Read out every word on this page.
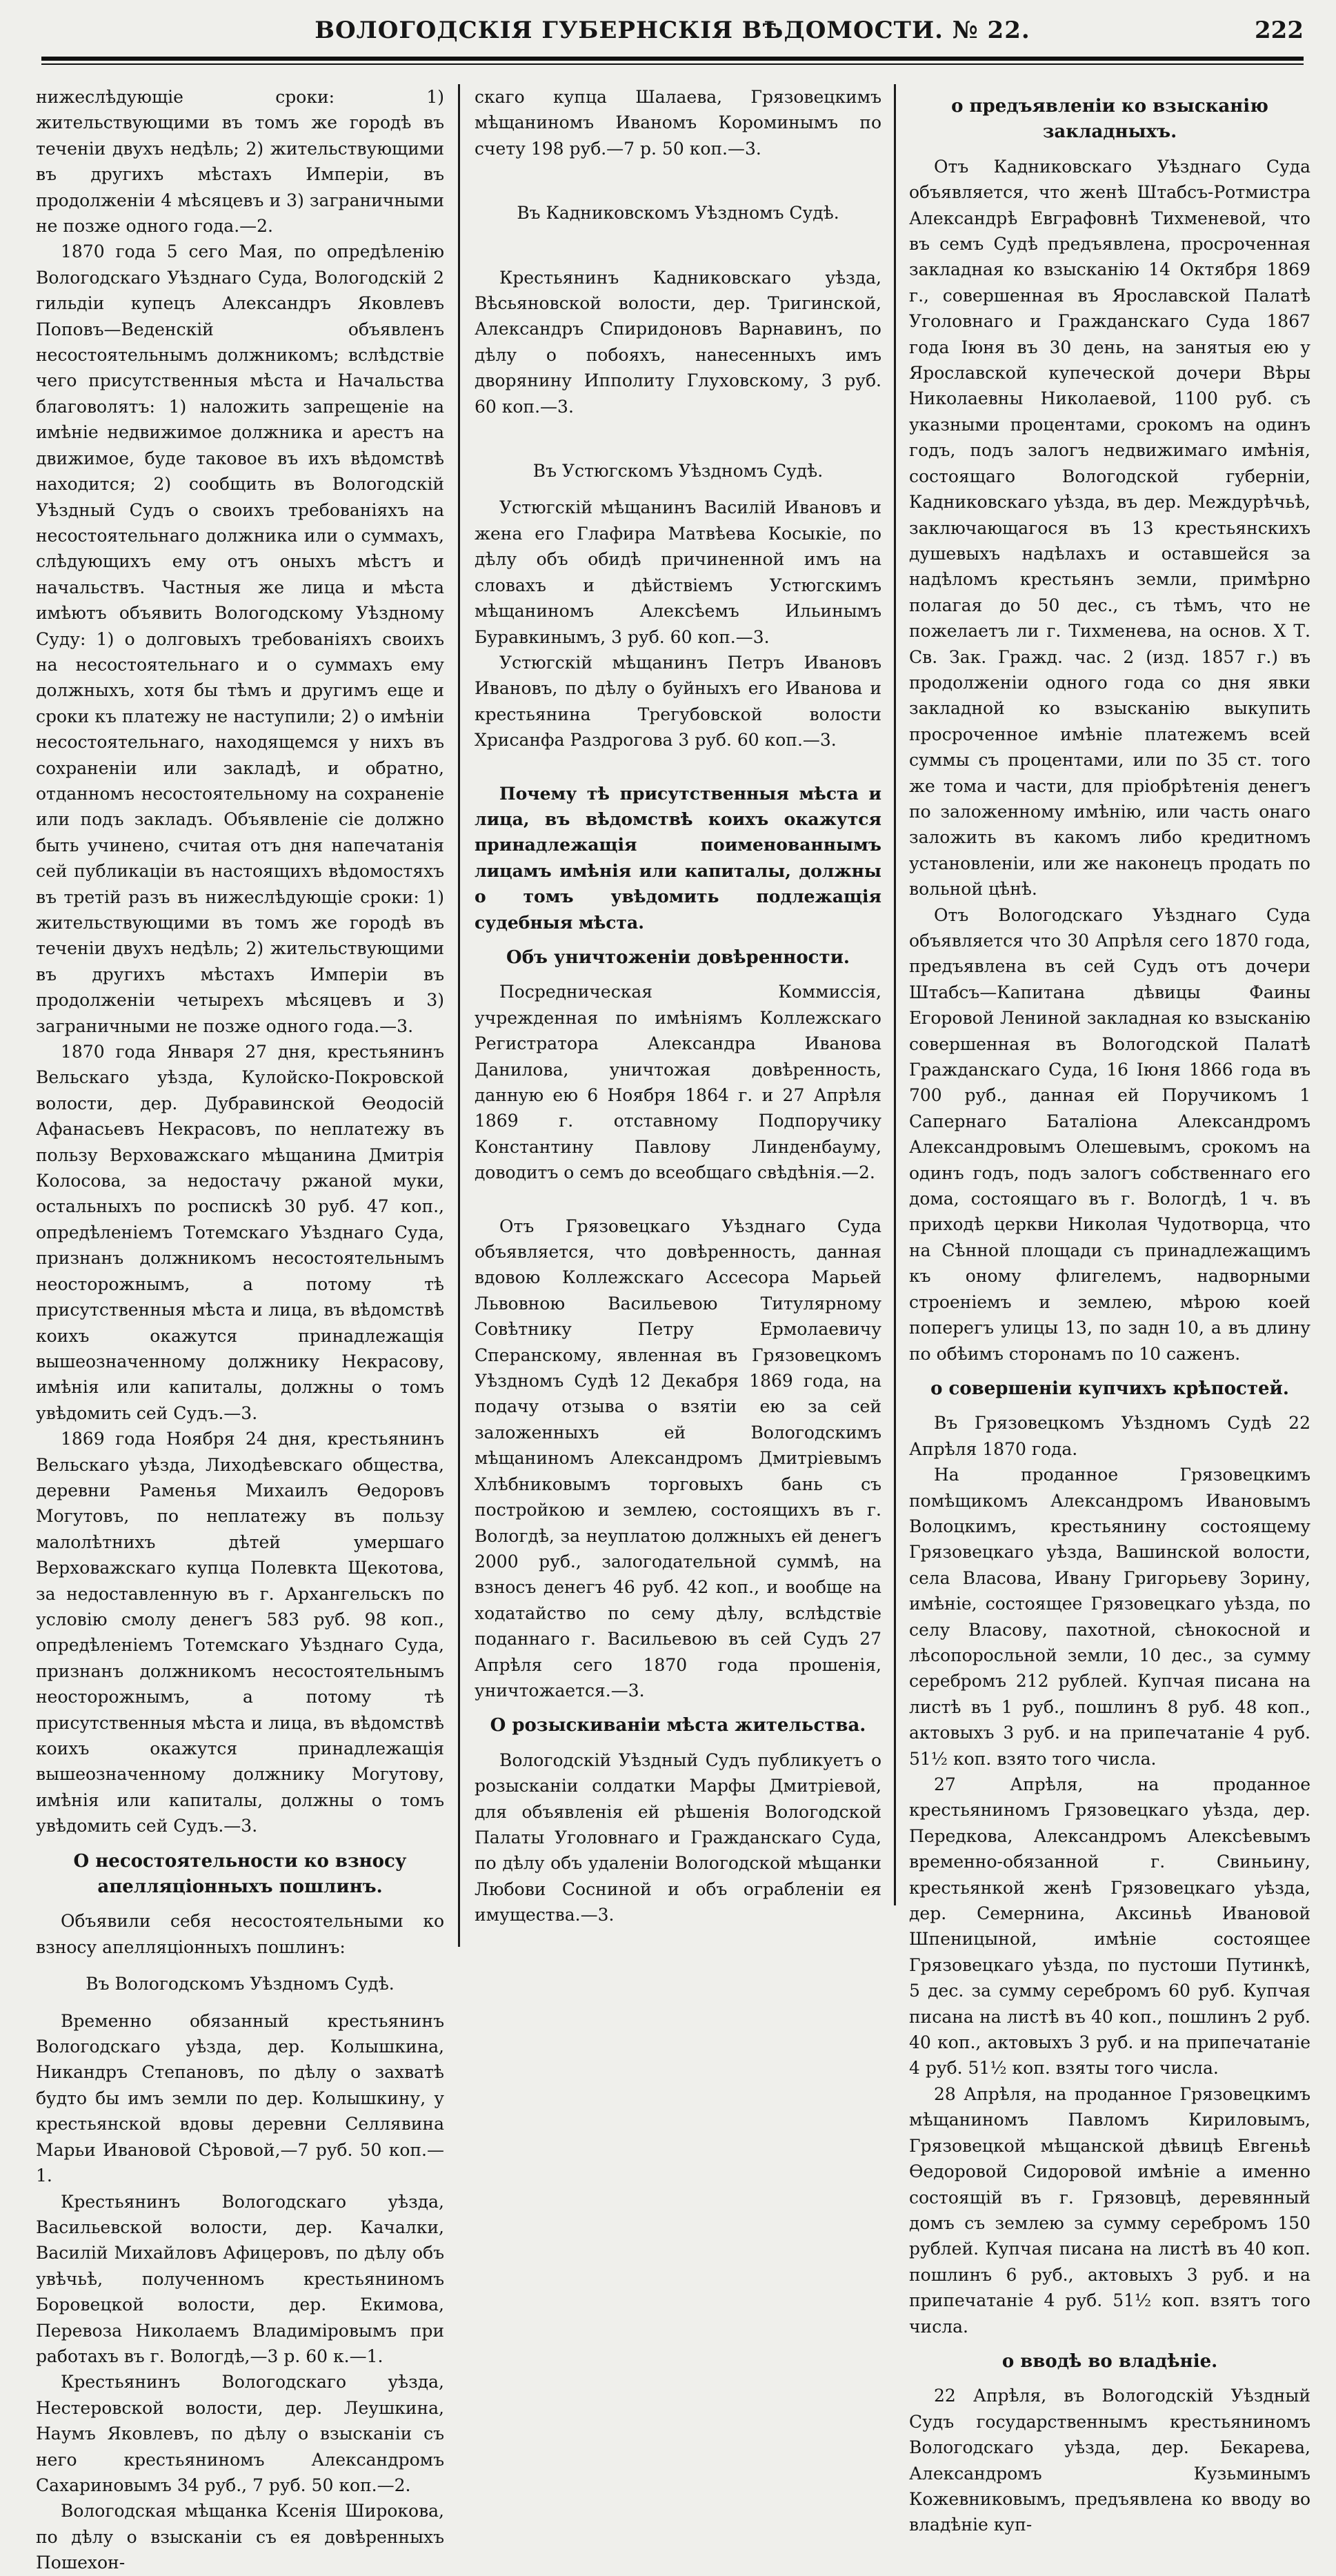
ВОЛОГОДСКІЯ ГУБЕРНСКІЯ ВѢДОМОСТИ. № 22.	222

нижеслѣдующіе сроки: 1) жительствующими въ томъ же городѣ въ теченіи двухъ недѣль; 2) жительствующими въ другихъ мѣстахъ Имперіи, въ продолженіи 4 мѣсяцевъ и 3) заграничными не позже одного года.—2.

1870 года 5 сего Мая, по опредѣленію Вологодскаго Уѣзднаго Суда, Вологодскій 2 гильдіи купецъ Александръ Яковлевъ Поповъ—Веденскій объявленъ несостоятельнымъ должникомъ; вслѣдствіе чего присутственныя мѣста и Начальства благоволятъ: 1) наложить запрещеніе на имѣніе недвижимое должника и арестъ на движимое, буде таковое въ ихъ вѣдомствѣ находится; 2) сообщить въ Вологодскій Уѣздный Судъ о своихъ требованіяхъ на несостоятельнаго должника или о суммахъ, слѣдующихъ ему отъ оныхъ мѣстъ и начальствъ. Частныя же лица и мѣста имѣютъ объявить Вологодскому Уѣздному Суду: 1) о долговыхъ требованіяхъ своихъ на несостоятельнаго и о суммахъ ему должныхъ, хотя бы тѣмъ и другимъ еще и сроки къ платежу не наступили; 2) о имѣніи несостоятельнаго, находящемся у нихъ въ сохраненіи или закладѣ, и обратно, отданномъ несостоятельному на сохраненіе или подъ закладъ. Объявленіе сіе должно быть учинено, считая отъ дня напечатанія сей публикаціи въ настоящихъ вѣдомостяхъ въ третій разъ въ нижеслѣдующіе сроки: 1) жительствующими въ томъ же городѣ въ теченіи двухъ недѣль; 2) жительствующими въ другихъ мѣстахъ Имперіи въ продолженіи четырехъ мѣсяцевъ и 3) заграничными не позже одного года.—3.

1870 года Января 27 дня, крестьянинъ Вельскаго уѣзда, Кулойско-Покровской волости, дер. Дубравинской Ѳеодосій Афанасьевъ Некрасовъ, по неплатежу въ пользу Верховажскаго мѣщанина Дмитрія Колосова, за недостачу ржаной муки, остальныхъ по роспискѣ 30 руб. 47 коп., опредѣленіемъ Тотемскаго Уѣзднаго Суда, признанъ должникомъ несостоятельнымъ неосторожнымъ, а потому тѣ присутственныя мѣста и лица, въ вѣдомствѣ коихъ окажутся принадлежащія вышеозначенному должнику Некрасову, имѣнія или капиталы, должны о томъ увѣдомить сей Судъ.—3.

1869 года Ноября 24 дня, крестьянинъ Вельскаго уѣзда, Лиходѣевскаго общества, деревни Раменья Михаилъ Ѳедоровъ Могутовъ, по неплатежу въ пользу малолѣтнихъ дѣтей умершаго Верховажскаго купца Полевкта Щекотова, за недоставленную въ г. Архангельскъ по условію смолу денегъ 583 руб. 98 коп., опредѣленіемъ Тотемскаго Уѣзднаго Суда, признанъ должникомъ несостоятельнымъ неосторожнымъ, а потому тѣ присутственныя мѣста и лица, въ вѣдомствѣ коихъ окажутся принадлежащія вышеозначенному должнику Могутову, имѣнія или капиталы, должны о томъ увѣдомить сей Судъ.—3.

О несостоятельности ко взносу апелляціонныхъ пошлинъ.

Объявили себя несостоятельными ко взносу апелляціонныхъ пошлинъ:

Въ Вологодскомъ Уѣздномъ Судѣ.

Временно обязанный крестьянинъ Вологодскаго уѣзда, дер. Колышкина, Никандръ Степановъ, по дѣлу о захватѣ будто бы имъ земли по дер. Колышкину, у крестьянской вдовы деревни Селлявина Марьи Ивановой Сѣровой,—7 руб. 50 коп.—1.

Крестьянинъ Вологодскаго уѣзда, Васильевской волости, дер. Качалки, Василій Михайловъ Афицеровъ, по дѣлу объ увѣчьѣ, полученномъ крестьяниномъ Боровецкой волости, дер. Екимова, Перевоза Николаемъ Владиміровымъ при работахъ въ г. Вологдѣ,—3 р. 60 к.—1.

Крестьянинъ Вологодскаго уѣзда, Нестеровской волости, дер. Леушкина, Наумъ Яковлевъ, по дѣлу о взысканіи съ него крестьяниномъ Александромъ Сахариновымъ 34 руб., 7 руб. 50 коп.—2.

Вологодская мѣщанка Ксенія Широкова, по дѣлу о взысканіи съ ея довѣренныхъ Пошехон-

скаго купца Шалаева, Грязовецкимъ мѣщаниномъ Иваномъ Короминымъ по счету 198 руб.—7 р. 50 коп.—3.

Въ Кадниковскомъ Уѣздномъ Судѣ.

Крестьянинъ Кадниковскаго уѣзда, Вѣсьяновской волости, дер. Тригинской, Александръ Спиридоновъ Варнавинъ, по дѣлу о побояхъ, нанесенныхъ имъ дворянину Ипполиту Глуховскому, 3 руб. 60 коп.—3.

Въ Устюгскомъ Уѣздномъ Судѣ.

Устюгскій мѣщанинъ Василій Ивановъ и жена его Глафира Матвѣева Косыкіе, по дѣлу объ обидѣ причиненной имъ на словахъ и дѣйствіемъ Устюгскимъ мѣщаниномъ Алексѣемъ Ильинымъ Буравкинымъ, 3 руб. 60 коп.—3.

Устюгскій мѣщанинъ Петръ Ивановъ Ивановъ, по дѣлу о буйныхъ его Иванова и крестьянина Трегубовской волости Хрисанфа Раздрогова 3 руб. 60 коп.—3.

Почему тѣ присутственныя мѣста и лица, въ вѣдомствѣ коихъ окажутся принадлежащія поименованнымъ лицамъ имѣнія или капиталы, должны о томъ увѣдомить подлежащія судебныя мѣста.

Объ уничтоженіи довѣренности.

Посредническая Коммиссія, учрежденная по имѣніямъ Коллежскаго Регистратора Александра Иванова Данилова, уничтожая довѣренность, данную ею 6 Ноября 1864 г. и 27 Апрѣля 1869 г. отставному Подпоручику Константину Павлову Линденбауму, доводитъ о семъ до всеобщаго свѣдѣнія.—2.

Отъ Грязовецкаго Уѣзднаго Суда объявляется, что довѣренность, данная вдовою Коллежскаго Ассесора Марьей Львовною Васильевою Титулярному Совѣтнику Петру Ермолаевичу Сперанскому, явленная въ Грязовецкомъ Уѣздномъ Судѣ 12 Декабря 1869 года, на подачу отзыва о взятіи ею за сей заложенныхъ ей Вологодскимъ мѣщаниномъ Александромъ Дмитріевымъ Хлѣбниковымъ торговыхъ бань съ постройкою и землею, состоящихъ въ г. Вологдѣ, за неуплатою должныхъ ей денегъ 2000 руб., залогодательной суммѣ, на взносъ денегъ 46 руб. 42 коп., и вообще на ходатайство по сему дѣлу, вслѣдствіе поданнаго г. Васильевою въ сей Судъ 27 Апрѣля сего 1870 года прошенія, уничтожается.—3.

О розыскиваніи мѣста жительства.

Вологодскій Уѣздный Судъ публикуетъ о розысканіи солдатки Марфы Дмитріевой, для объявленія ей рѣшенія Вологодской Палаты Уголовнаго и Гражданскаго Суда, по дѣлу объ удаленіи Вологодской мѣщанки Любови Сосниной и объ ограбленіи ея имущества.—3.

о предъявленіи ко взысканію закладныхъ.

Отъ Кадниковскаго Уѣзднаго Суда объявляется, что женѣ Штабсъ-Ротмистра Александрѣ Евграфовнѣ Тихменевой, что въ семъ Судѣ предъявлена, просроченная закладная ко взысканію 14 Октября 1869 г., совершенная въ Ярославской Палатѣ Уголовнаго и Гражданскаго Суда 1867 года Іюня въ 30 день, на занятыя ею у Ярославской купеческой дочери Вѣры Николаевны Николаевой, 1100 руб. съ указными процентами, срокомъ на одинъ годъ, подъ залогъ недвижимаго имѣнія, состоящаго Вологодской губерніи, Кадниковскаго уѣзда, въ дер. Междурѣчьѣ, заключающагося въ 13 крестьянскихъ душевыхъ надѣлахъ и оставшейся за надѣломъ крестьянъ земли, примѣрно полагая до 50 дес., съ тѣмъ, что не пожелаетъ ли г. Тихменева, на основ. X Т. Св. Зак. Гражд. час. 2 (изд. 1857 г.) въ продолженіи одного года со дня явки закладной ко взысканію выкупить просроченное имѣніе платежемъ всей суммы съ процентами, или по 35 ст. того же тома и части, для пріобрѣтенія денегъ по заложенному имѣнію, или часть онаго заложить въ какомъ либо кредитномъ установленіи, или же наконецъ продать по вольной цѣнѣ.

Отъ Вологодскаго Уѣзднаго Суда объявляется что 30 Апрѣля сего 1870 года, предъявлена въ сей Судъ отъ дочери Штабсъ—Капитана дѣвицы Фаины Егоровой Лениной закладная ко взысканію совершенная въ Вологодской Палатѣ Гражданскаго Суда, 16 Іюня 1866 года въ 700 руб., данная ей Поручикомъ 1 Сапернаго Баталіона Александромъ Александровымъ Олешевымъ, срокомъ на одинъ годъ, подъ залогъ собственнаго его дома, состоящаго въ г. Вологдѣ, 1 ч. въ приходѣ церкви Николая Чудотворца, что на Сѣнной площади съ принадлежащимъ къ оному флигелемъ, надворными строеніемъ и землею, мѣрою коей поперегъ улицы 13, по задн 10, а въ длину по обѣимъ сторонамъ по 10 саженъ.

о совершеніи купчихъ крѣпостей.

Въ Грязовецкомъ Уѣздномъ Судѣ 22 Апрѣля 1870 года.

На проданное Грязовецкимъ помѣщикомъ Александромъ Ивановымъ Волоцкимъ, крестьянину состоящему Грязовецкаго уѣзда, Вашинской волости, села Власова, Ивану Григорьеву Зорину, имѣніе, состоящее Грязовецкаго уѣзда, по селу Власову, пахотной, сѣнокосной и лѣсопоросльной земли, 10 дес., за сумму серебромъ 212 рублей. Купчая писана на листѣ въ 1 руб., пошлинъ 8 руб. 48 коп., актовыхъ 3 руб. и на припечатаніе 4 руб. 51½ коп. взято того числа.

27 Апрѣля, на проданное крестьяниномъ Грязовецкаго уѣзда, дер. Передкова, Александромъ Алексѣевымъ временно-обязанной г. Свиньину, крестьянкой женѣ Грязовецкаго уѣзда, дер. Семернина, Аксиньѣ Ивановой Шпеницыной, имѣніе состоящее Грязовецкаго уѣзда, по пустоши Путинкѣ, 5 дес. за сумму серебромъ 60 руб. Купчая писана на листѣ въ 40 коп., пошлинъ 2 руб. 40 коп., актовыхъ 3 руб. и на припечатаніе 4 руб. 51½ коп. взяты того числа.

28 Апрѣля, на проданное Грязовецкимъ мѣщаниномъ Павломъ Кириловымъ, Грязовецкой мѣщанской дѣвицѣ Евгеньѣ Ѳедоровой Сидоровой имѣніе а именно состоящій въ г. Грязовцѣ, деревянный домъ съ землею за сумму серебромъ 150 рублей. Купчая писана на листѣ въ 40 коп. пошлинъ 6 руб., актовыхъ 3 руб. и на припечатаніе 4 руб. 51½ коп. взятъ того числа.

о вводѣ во владѣніе.

22 Апрѣля, въ Вологодскій Уѣздный Судъ государственнымъ крестьяниномъ Вологодскаго уѣзда, дер. Бекарева, Александромъ Кузьминымъ Кожевниковымъ, предъявлена ко вводу во владѣніе куп-
